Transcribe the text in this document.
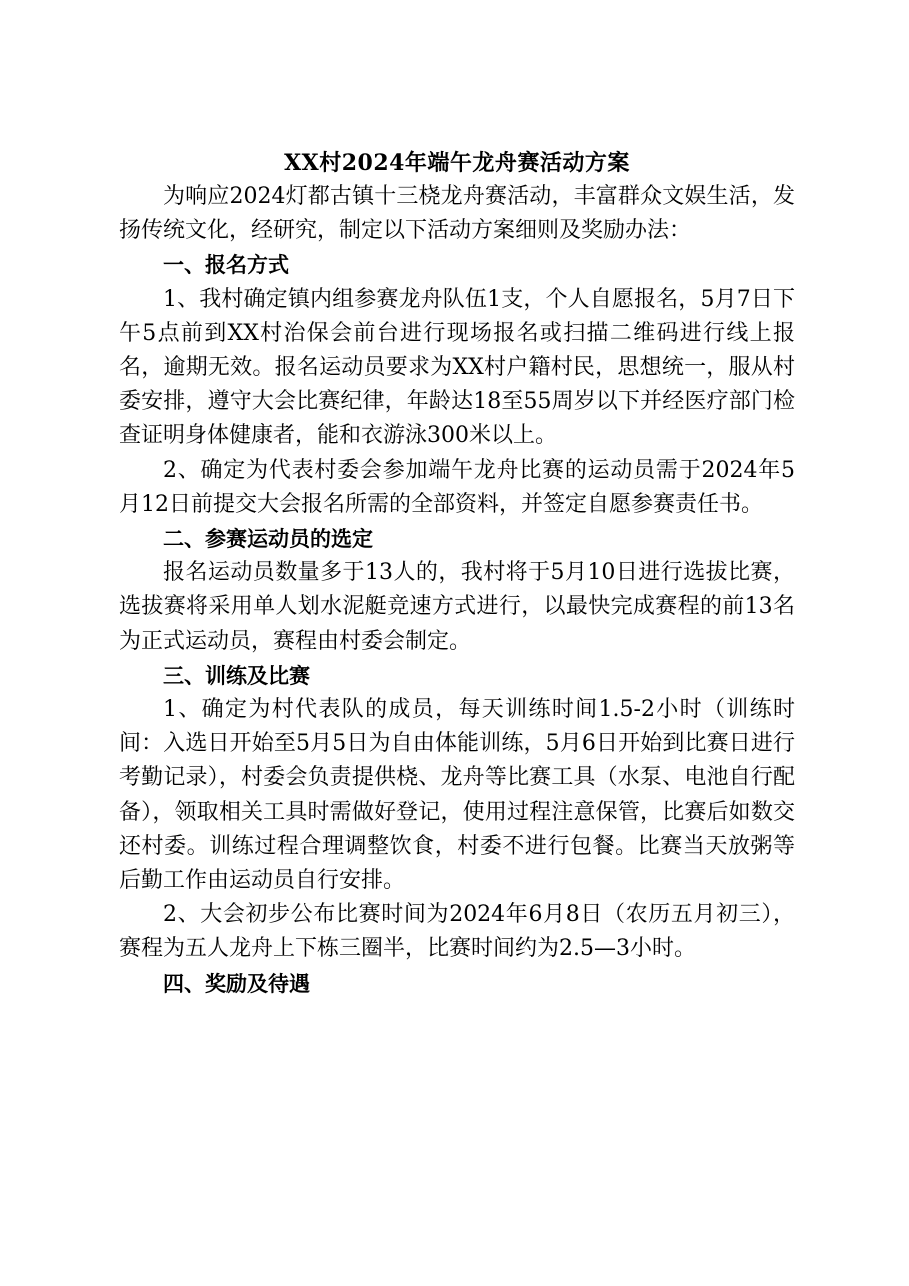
XX村2024年端午龙舟赛活动方案

为响应2024灯都古镇十三桡龙舟赛活动，丰富群众文娱生活，发扬传统文化，经研究，制定以下活动方案细则及奖励办法：

一、报名方式

1、我村确定镇内组参赛龙舟队伍1支，个人自愿报名，5月7日下午5点前到XX村治保会前台进行现场报名或扫描二维码进行线上报名，逾期无效。报名运动员要求为XX村户籍村民，思想统一，服从村委安排，遵守大会比赛纪律，年龄达18至55周岁以下并经医疗部门检查证明身体健康者，能和衣游泳300米以上。

2、确定为代表村委会参加端午龙舟比赛的运动员需于2024年5月12日前提交大会报名所需的全部资料，并签定自愿参赛责任书。

二、参赛运动员的选定

报名运动员数量多于13人的，我村将于5月10日进行选拔比赛，选拔赛将采用单人划水泥艇竞速方式进行，以最快完成赛程的前13名为正式运动员，赛程由村委会制定。

三、训练及比赛

1、确定为村代表队的成员，每天训练时间1.5-2小时（训练时间：入选日开始至5月5日为自由体能训练，5月6日开始到比赛日进行考勤记录），村委会负责提供桡、龙舟等比赛工具（水泵、电池自行配备），领取相关工具时需做好登记，使用过程注意保管，比赛后如数交还村委。训练过程合理调整饮食，村委不进行包餐。比赛当天放粥等后勤工作由运动员自行安排。

2、大会初步公布比赛时间为2024年6月8日（农历五月初三），赛程为五人龙舟上下栋三圈半，比赛时间约为2.5—3小时。

四、奖励及待遇
